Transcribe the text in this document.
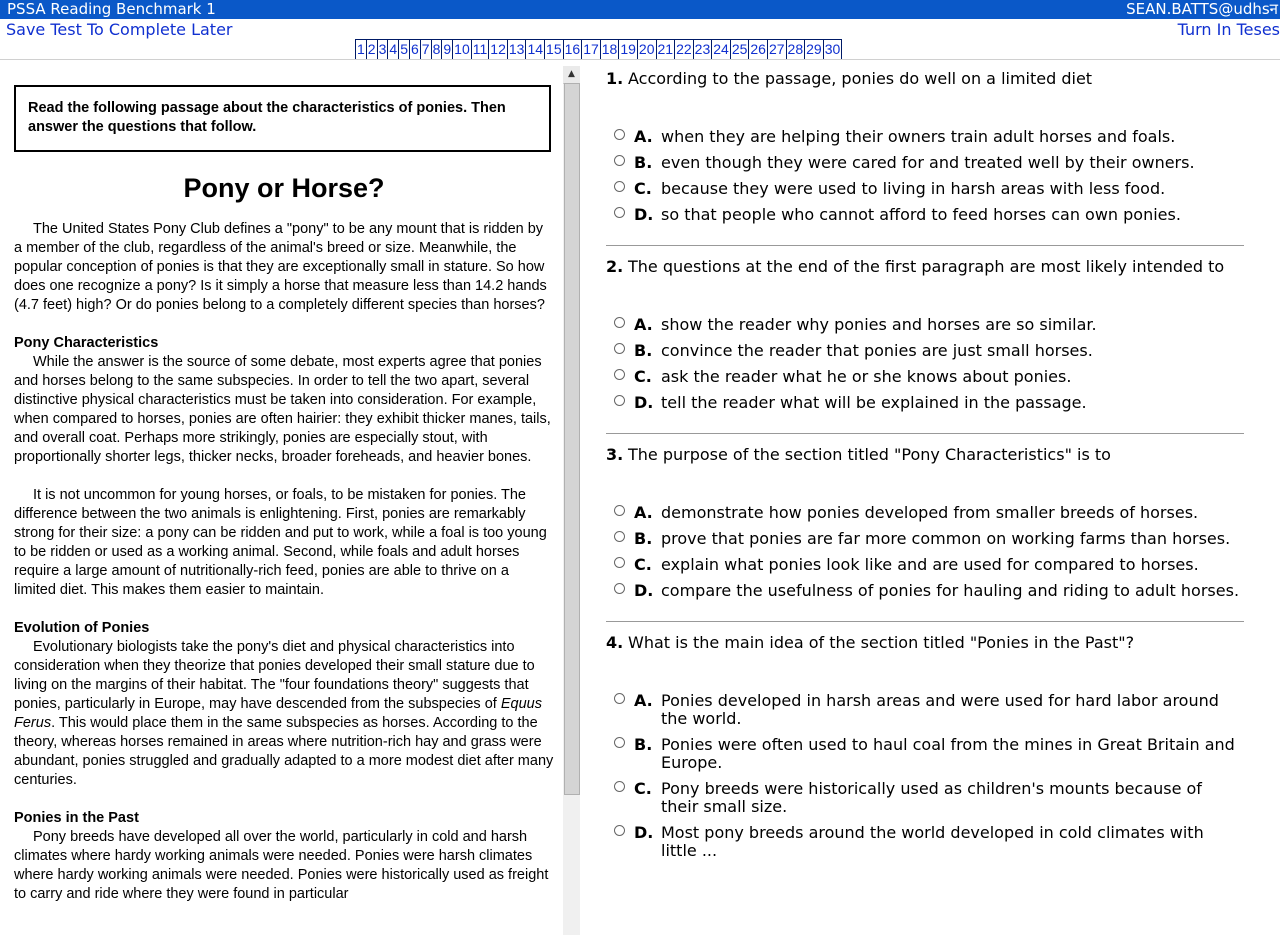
PSSA Reading Benchmark 1	SEAN.BATTS@udhsन
Save Test To Complete Later	Turn In Teses
1 2 3 4 5 6 7 8 9 10 11 12 13 14 15 16 17 18 19 20 21 22 23 24 25 26 27 28 29 30
Read the following passage about the characteristics of ponies. Then answer the questions that follow.
Pony or Horse?

The United States Pony Club defines a "pony" to be any mount that is ridden by a member of the club, regardless of the animal's breed or size. Meanwhile, the popular conception of ponies is that they are exceptionally small in stature. So how does one recognize a pony? Is it simply a horse that measure less than 14.2 hands (4.7 feet) high? Or do ponies belong to a completely different species than horses?

Pony Characteristics

While the answer is the source of some debate, most experts agree that ponies and horses belong to the same subspecies. In order to tell the two apart, several distinctive physical characteristics must be taken into consideration. For example, when compared to horses, ponies are often hairier: they exhibit thicker manes, tails, and overall coat. Perhaps more strikingly, ponies are especially stout, with proportionally shorter legs, thicker necks, broader foreheads, and heavier bones.

It is not uncommon for young horses, or foals, to be mistaken for ponies. The difference between the two animals is enlightening. First, ponies are remarkably strong for their size: a pony can be ridden and put to work, while a foal is too young to be ridden or used as a working animal. Second, while foals and adult horses require a large amount of nutritionally-rich feed, ponies are able to thrive on a limited diet. This makes them easier to maintain.

Evolution of Ponies

Evolutionary biologists take the pony's diet and physical characteristics into consideration when they theorize that ponies developed their small stature due to living on the margins of their habitat. The "four foundations theory" suggests that ponies, particularly in Europe, may have descended from the subspecies of Equus Ferus. This would place them in the same subspecies as horses. According to the theory, whereas horses remained in areas where nutrition-rich hay and grass were abundant, ponies struggled and gradually adapted to a more modest diet after many centuries.

Ponies in the Past

Pony breeds have developed all over the world, particularly in cold and harsh climates where hardy working animals were needed. Ponies were harsh climates where hardy working animals were needed. Ponies were historically used as freight to carry and ride where they were found in particular

▲	1. According to the passage, ponies do well on a limited diet
A. when they are helping their owners train adult horses and foals.
B. even though they were cared for and treated well by their owners.
C. because they were used to living in harsh areas with less food.
D. so that people who cannot afford to feed horses can own ponies.
2. The questions at the end of the first paragraph are most likely intended to
A. show the reader why ponies and horses are so similar.
B. convince the reader that ponies are just small horses.
C. ask the reader what he or she knows about ponies.
D. tell the reader what will be explained in the passage.
3. The purpose of the section titled "Pony Characteristics" is to
A. demonstrate how ponies developed from smaller breeds of horses.
B. prove that ponies are far more common on working farms than horses.
C. explain what ponies look like and are used for compared to horses.
D. compare the usefulness of ponies for hauling and riding to adult horses.
4. What is the main idea of the section titled "Ponies in the Past"?
A. Ponies developed in harsh areas and were used for hard labor around the world.
B. Ponies were often used to haul coal from the mines in Great Britain and Europe.
C. Pony breeds were historically used as children's mounts because of their small size.
D. Most pony breeds around the world developed in cold climates with little ...
